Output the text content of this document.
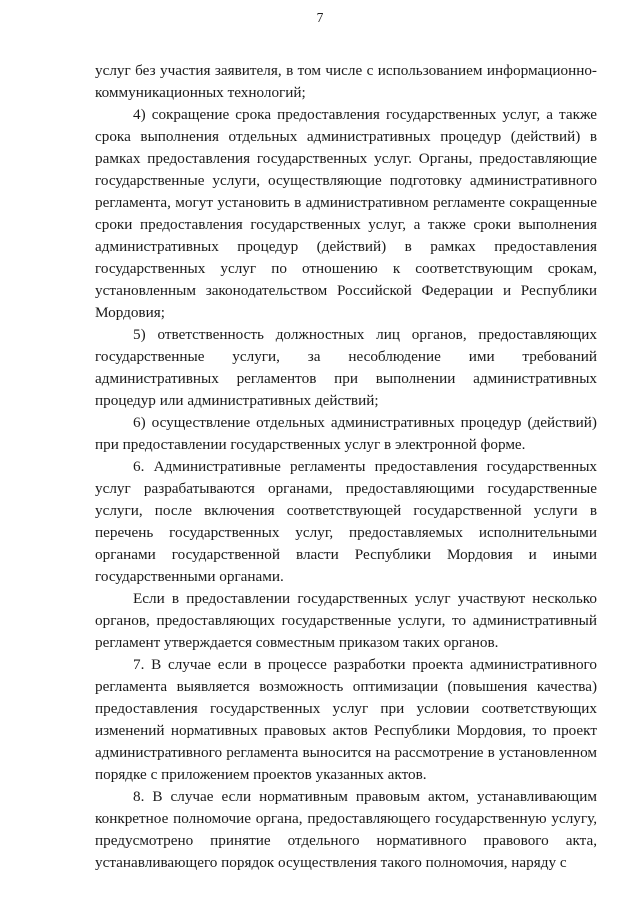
7

услуг без участия заявителя, в том числе с использованием информационно-коммуникационных технологий;

4) сокращение срока предоставления государственных услуг, а также срока выполнения отдельных административных процедур (действий) в рамках предоставления государственных услуг. Органы, предоставляющие государственные услуги, осуществляющие подготовку административного регламента, могут установить в административном регламенте сокращенные сроки предоставления государственных услуг, а также сроки выполнения административных процедур (действий) в рамках предоставления государственных услуг по отношению к соответствующим срокам, установленным законодательством Российской Федерации и Республики Мордовия;

5) ответственность должностных лиц органов, предоставляющих государственные услуги, за несоблюдение ими требований административных регламентов при выполнении административных процедур или административных действий;

6) осуществление отдельных административных процедур (действий) при предоставлении государственных услуг в электронной форме.

6. Административные регламенты предоставления государственных услуг разрабатываются органами, предоставляющими государственные услуги, после включения соответствующей государственной услуги в перечень государственных услуг, предоставляемых исполнительными органами государственной власти Республики Мордовия и иными государственными органами.

Если в предоставлении государственных услуг участвуют несколько органов, предоставляющих государственные услуги, то административный регламент утверждается совместным приказом таких органов.

7. В случае если в процессе разработки проекта административного регламента выявляется возможность оптимизации (повышения качества) предоставления государственных услуг при условии соответствующих изменений нормативных правовых актов Республики Мордовия, то проект административного регламента выносится на рассмотрение в установленном порядке с приложением проектов указанных актов.

8. В случае если нормативным правовым актом, устанавливающим конкретное полномочие органа, предоставляющего государственную услугу, предусмотрено принятие отдельного нормативного правового акта, устанавливающего порядок осуществления такого полномочия, наряду с
